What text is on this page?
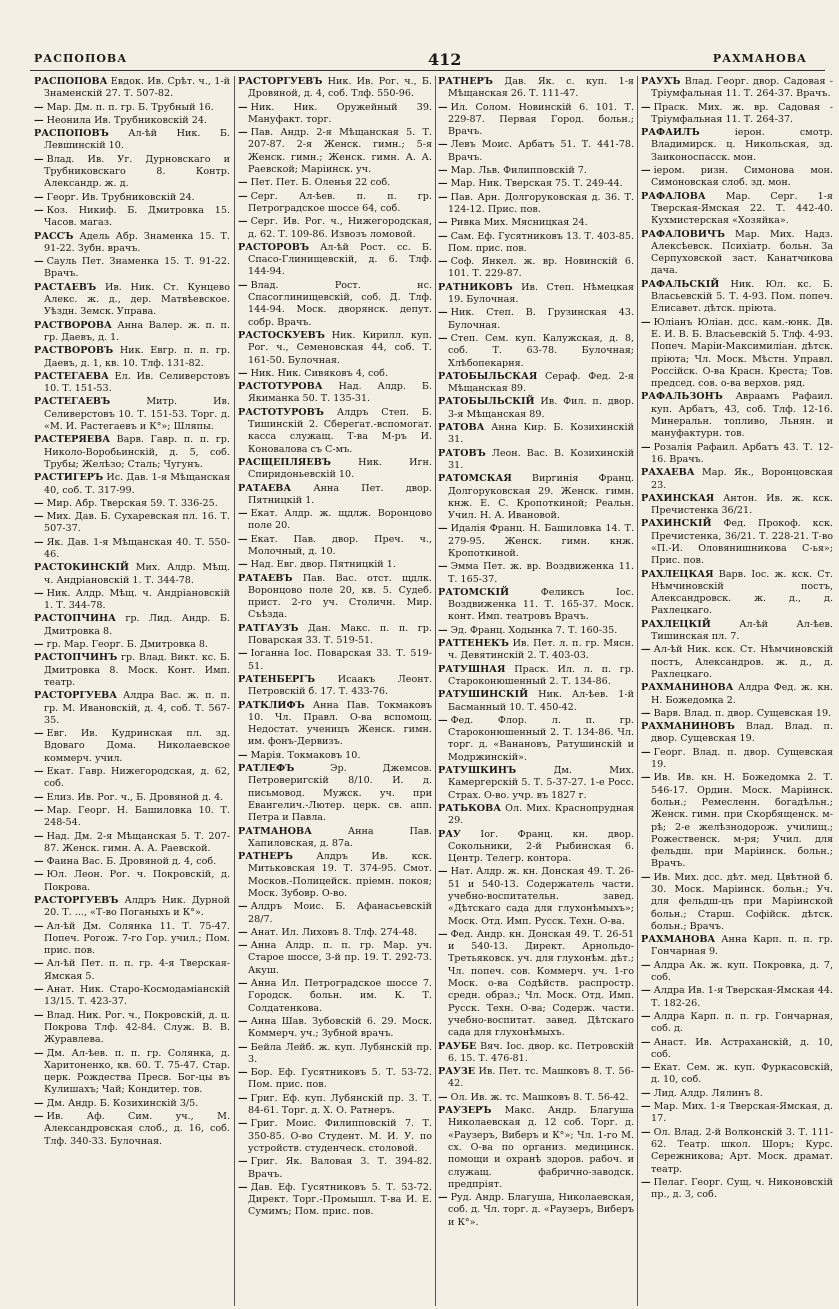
РАСПОПОВА	412	РАХМАНОВА
РАСПОПОВА Евдок. Ив. Срѣт. ч., 1-й Знаменскій 27. Т. 507-82.
— Мар. Дм. п. п. гр. Б. Трубный 16.
— Неонила Ив. Трубниковскій 24.
РАСПОПОВЪ Ал-ѣй Ник. Б. Левшинскій 10.
— Влад. Ив. Уг. Дурновскаго и Трубниковскаго 8. Контр. Александр. ж. д.
— Георг. Ив. Трубниковскій 24.
— Коз. Никиф. Б. Дмитровка 15. Часов. магаз.
РАССЪ Адель Абр. Знаменка 15. Т. 91-22. Зубн. врачъ.
— Сауль Пет. Знаменка 15. Т. 91-22. Врачъ.
РАСТАЕВЪ Ив. Ник. Ст. Кунцево Алекс. ж. д., дер. Матвѣевское. Уѣздн. Земск. Управа.
РАСТВОРОВА Анна Валер. ж. п. п. гр. Даевъ, д. 1.
РАСТВОРОВЪ Ник. Евгр. п. п. гр. Даевъ, д. 1, кв. 10. Тлф. 131-82.
РАСТЕГАЕВА Ел. Ив. Селиверстовъ 10. Т. 151-53.
РАСТЕГАЕВЪ	Митр. Ив. Селиверстовъ 10. Т. 151-53. Торг. д. «М. И. Растегаевъ и К°»; Шляпы.
РАСТЕРЯЕВА Варв. Гавр. п. п. гр. Николо-Воробьинскій, д. 5, соб. Трубы; Желѣзо; Сталь; Чугунъ.
РАСТИГЕРЪ Ис. Дав. 1-я Мѣщанская 40, соб. Т. 317-99.
— Мир. Абр. Тверская 59. Т. 336-25.
— Мих. Дав. Б. Сухаревская пл. 16. Т. 507-37.
— Як. Дав. 1-я Мѣщанская 40. Т. 550-46.
РАСТОКИНСКІЙ Мих. Алдр. Мѣщ. ч. Андрiановскій 1. Т. 344-78.
— Ник. Алдр. Мѣщ. ч. Андріановскій 1. Т. 344-78.
РАСТОПЧИНА гр. Лид. Андр. Б. Дмитровка 8.
— гр. Мар. Георг. Б. Дмитровка 8.
РАСТОПЧИНЪ гр. Влад. Викт. кс. Б. Дмитровка 8. Моск. Конт. Имп. театр.
РАСТОРГУЕВА Алдра Вас. ж. п. п. гр. М. Ивановскій, д. 4, соб. Т. 567-35.
— Евг. Ив. Кудринская пл. зд. Вдоваго Дома. Николаевское коммерч. учил.
— Екат. Гавр. Нижегородская, д. 62, соб.
— Елиз. Ив. Рог. ч., Б. Дровяной д. 4.
— Мар. Георг. Н. Башиловка 10. Т. 248-54.
— Над. Дм. 2-я Мѣщанская 5. Т. 207-87. Женск. гимн. А. А. Раевской.
— Фаина Вас. Б. Дровяной д. 4, соб.
— Юл. Леон. Рог. ч. Покровскій, д. Покрова.
РАСТОРГУЕВЪ Алдръ Ник. Дурной 20. Т. ..., «Т-во Поганыхъ и К°».
— Ал-ѣй Дм. Солянка 11. Т. 75-47. Попеч. Рогож. 7-го Гор. учил.; Пом. прис. пов.
— Ал-ѣй Пет. п. п. гр. 4-я Тверская-Ямская 5.
— Анат. Ник. Старо-Космодамiанскій 13/15. Т. 423-37.
— Влад. Ник. Рог. ч., Покровскій, д. ц. Покрова Тлф. 42-84. Служ. В. В. Журавлева.
— Дм. Ал-ѣев. п. п. гр. Солянка, д. Харитоненко, кв. 60. Т. 75-47. Стар. церк. Рождества Пресв. Бог-цы въ Кулишахъ; Чай; Кондитер. тов.
— Дм. Андр. Б. Козихинскій 3/5.
— Ив. Аф. Сим. уч., М. Александровская слоб., д. 16, соб. Тлф. 340-33. Булочная.
РАСТОРГУЕВЪ Ник. Ив. Рог. ч., Б. Дровяной, д. 4, соб. Тлф. 550-96.
— Ник. Ник. Оружейный 39. Мануфакт. торг.
— Пав. Андр. 2-я Мѣщанская 5. Т. 207-87. 2-я Женск. гимн.; 5-я Женск. гимн.; Женск. гимн. А. А. Раевской; Маріинск. уч.
— Пет. Пет. Б. Оленья 22 соб.
— Серг. Ал-ѣев. п. п. гр. Петроградское шоссе 64, соб.
— Серг. Ив. Рог. ч., Нижегородская, д. 62. Т. 109-86. Извозъ ломовой.
РАСТОРОВЪ Ал-ѣй Рост. сс. Б. Спасо-Глинищевскій, д. 6. Тлф. 144-94.
— Влад. Рост. нс. Спасоглинищевскій, соб. Д. Тлф. 144-94. Моск. дворянск. депут. собр. Врачъ.
РАСТОСКУЕВЪ Ник. Кирилл. куп. Рог. ч., Семеновская 44, соб. Т. 161-50. Булочная.
— Ник. Ник. Сивяковъ 4, соб.
РАСТОТУРОВА Над. Алдр. Б. Якиманка 50. Т. 135-31.
РАСТОТУРОВЪ Алдръ Степ. Б. Тишинскій 2. Сберегат.-вспомогат. касса служащ. Т-ва М-ръ И. Коновалова съ С-мъ.
РАСЩЕПЛЯЕВЪ	Ник. Игн. Спиридоньевскій 10.
РАТАЕВА Анна Пет. двор. Пятницкій 1.
— Екат. Алдр. ж. щдлж. Воронцово поле 20.
— Екат. Пав. двор. Преч. ч., Молочный, д. 10.
— Над. Евг. двор. Пятницкій 1.
РАТАЕВЪ Пав. Вас. отст. щдлк. Воронцово поле 20, кв. 5. Судеб. прист. 2-го уч. Столичн. Мир. Съѣзда.
РАТГАУЗЪ Дан. Макс. п. п. гр. Поварская 33. Т. 519-51.
— Іоганна Іос. Поварская 33. Т. 519-51.
РАТЕНБЕРГЪ Исаакъ Леонт. Петровскій б. 17. Т. 433-76.
РАТКЛИФЪ Анна Пав. Токмаковъ 10. Чл. Правл. О-ва вспомощ. Недостат. ученицъ Женск. гимн. им. фонъ-Дервизъ.
— Марія. Токмаковъ 10.
РАТЛЕФЪ	Эр. Джемсов. Петроверигскій 8/10. И. д. письмовод. Мужск. уч. при Евангелич.-Лютер. церк. св. апп. Петра и Павла.
РАТМАНОВА	Анна Пав. Хапиловская, д. 87а.
РАТНЕРЪ Алдръ Ив. кск. Митьковская 19. Т. 374-95. Смот. Москов.-Полицейск. пріемн. покоя; Моск. Зубовр. О-во.
— Алдръ Моис. Б. Афанасьевскій 28/7.
— Анат. Ил. Лиховъ 8. Тлф. 274-48.
— Анна Алдр. п. п. гр. Мар. уч. Старое шоссе, 3-й пр. 19. Т. 292-73. Акуш.
— Анна Ил. Петроградское шоссе 7. Городск. больн. им. К. Т. Солдатенкова.
— Анна Шав. Зубовскій 6. 29. Моск. Коммерч. уч.; Зубной врачъ.
— Бейла Лейб. ж. куп. Лубянскій пр. 3.
— Бор. Еф. Гусятниковъ 5. Т. 53-72. Пом. прис. пов.
— Григ. Еф. куп. Лубянскій пр. 3. Т. 84-61. Торг. д. Х. О. Ратнеръ.
— Григ. Моис. Филипповскій 7. Т. 350-85. О-во Студент. М. И. У. по устройств. студенческ. столовой.
— Григ. Як. Валовая 3. Т. 394-82. Врачъ.
— Дав. Еф. Гусятниковъ 5. Т. 53-72. Директ. Торг.-Промышл. Т-ва И. Е. Сумимъ; Пом. прис. пов.
РАТНЕРЪ Дав. Як. с. куп. 1-я Мѣщанская 26. Т. 111-47.
— Ил. Солом. Новинскій 6. 101. Т. 229-87. Первая Город. больн.; Врачъ.
— Левъ Моис. Арбатъ 51. Т. 441-78. Врачъ.
— Мар. Льв. Филипповскій 7.
— Мар. Ник. Тверская 75. Т. 249-44.
— Пав. Арн. Долгоруковская д. 36. Т. 124-12. Прис. пов.
— Ривка Мих. Мясницкая 24.
— Сам. Еф. Гусятниковъ 13. Т. 403-85. Пом. прис. пов.
— Соф. Янкел. ж. вр. Новинскій 6. 101. Т. 229-87.
РАТНИКОВЪ Ив. Степ. Нѣмецкая 19. Булочная.
— Ник. Степ. В. Грузинская 43. Булочная.
— Степ. Сем. куп. Калужская, д. 8, соб. Т. 63-78. Булочная; Хлѣбопекарня.
РАТОБЫЛЬСКАЯ Сераф. Фед. 2-я Мѣщанская 89.
РАТОБЫЛЬСКІЙ Ив. Фил. п. двор. 3-я Мѣщанская 89.
РАТОВА Анна Кир. Б. Козихинскій 31.
РАТОВЪ Леон. Вас. В. Козихинскій 31.
РАТОМСКАЯ Виргинія Франц. Долгоруковская 29. Женск. гимн. кнж. Е. С. Кропоткиной; Реальн. Учил. Н. А. Ивановой.
— Идалія Франц. Н. Башиловка 14. Т. 279-95. Женск. гимн. кнж. Кропоткиной.
— Эмма Пет. ж. вр. Воздвиженка 11. Т. 165-37.
РАТОМСКІЙ	Феликсъ Іос. Воздвиженка 11. Т. 165-37. Моск. конт. Имп. театровъ Врачъ.
— Эд. Франц. Ходынка 7. Т. 160-35.
РАТТЕНЕКЪ Ив. Пет. л. п. гр. Мясн. ч. Девятинскій 2. Т. 403-03.
РАТУШНАЯ Праск. Ил. л. п. гр. Староконюшенный 2. Т. 134-86.
РАТУШИНСКІЙ Ник. Ал-ѣев. 1-й Басманный 10. Т. 450-42.
— Фед. Флор. л. п. гр. Староконюшенный 2. Т. 134-86. Чл. торг. д. «Ванановъ, Ратушинскій и Модржинскій».
РАТУШКИНЪ	Дм. Мих. Камергерскій 5. Т. 5-37-27. 1-е Росс. Страх. О-во. учр. въ 1827 г.
РАТЬКОВА Ол. Мих. Краснопрудная 29.
РАУ Іог. Франц. кн. двор. Сокольники, 2-й Рыбинская 6. Центр. Телегр. контора.
— Нат. Алдр. ж. кн. Донская 49. Т. 26-51 и 540-13. Содержатель части. учебно-воспитательн. завед. «Дѣтскаго сада для глухонѣмыхъ»; Моск. Отд. Имп. Русск. Техн. О-ва.
— Фед. Андр. кн. Донская 49. Т. 26-51 и 540-13. Директ. Арнольдо-Третьяковск. уч. для глухонѣм. дѣт.; Чл. попеч. сов. Коммерч. уч. 1-го Моск. о-ва Содѣйств. распростр. средн. образ.; Чл. Моск. Отд. Имп. Русск. Техн. О-ва; Содерж. части. учебно-воспитат. завед. Дѣтскаго сада для глухонѣмыхъ.
РАУБЕ Вяч. Іос. двор. кс. Петровскій 6. 15. Т. 476-81.
РАУЗЕ Ив. Пет. тс. Машковъ 8. Т. 56-42.
— Ол. Ив. ж. тс. Машковъ 8. Т. 56-42.
РАУЗЕРЪ Макс. Андр. Благуша Николаевская д. 12 соб. Торг. д. «Раузеръ, Виберъ и К°»; Чл. 1-го М. сх. О-ва по организ. медицинск. помощи и охранѣ здоров. рабоч. и служащ. фабрично-заводск. предпріят.
— Руд. Андр. Благуша, Николаевская, соб. д. Чл. торг. д. «Раузеръ, Виберъ и К°».
РАУХЪ Влад. Георг. двор. Садовая - Тріумфальная 11. Т. 264-37. Врачъ.
— Праск. Мих. ж. вр. Садовая - Тріумфальная 11. Т. 264-37.
РАФАИЛЪ	іерон. смотр. Владимирск. ц. Никольская, зд. Заиконоспасск. мон.
— іером. ризн. Симонова мон. Симоновская слоб. зд. мон.
РАФАЛОВА Мар. Серг. 1-я Тверская-Ямская 22. Т. 442-40. Кухмистерская «Хозяйка».
РАФАЛОВИЧЪ Мар. Мих. Надз. Алексѣевск. Психіатр. больн. За Серпуховской заст. Канатчикова дача.
РАФАЛЬСКІЙ Ник. Юл. кс. Б. Власьевскій 5. Т. 4-93. Пом. попеч. Елисавет. дѣтск. пріюта.
— Юліанъ Юліан. дсс. кам.-юнк. Дв. Е. И. В. Б. Власьевскій 5. Тлф. 4-93. Попеч. Марiи-Максимиліан. дѣтск. пріюта; Чл. Моск. Мѣстн. Управл. Россійск. О-ва Красн. Креста; Тов. председ. сов. о-ва верхов. ряд.
РАФАЛЬЗОНЪ Авраамъ Рафаил. куп. Арбатъ, 43, соб. Тлф. 12-16. Минеральн. топливо, Льнян. и мануфактурн. тов.
— Розалія Рафаил. Арбатъ 43. Т. 12-16. Врачъ.
РАХАЕВА Мар. Як., Воронцовская 23.
РАХИНСКАЯ Антон. Ив. ж. кск. Пречистенка 36/21.
РАХИНСКІЙ Фед. Прокоф. кск. Пречистенка, 36/21. Т. 228-21. Т-во «П.-И. Оловянишникова С-ья»; Прис. пов.
РАХЛЕЦКАЯ Варв. Іос. ж. кск. Ст. Нѣмчиновскій постъ, Александровск. ж. д., д. Рахлецкаго.
РАХЛЕЦКІЙ	Ал-ѣй Ал-ѣев. Тишинская пл. 7.
— Ал-ѣй Ник. кск. Ст. Нѣмчиновскій постъ, Александров. ж. д., д. Рахлецкаго.
РАХМАНИНОВА Алдра Фед. ж. кн. Н. Божедомка 2.
— Варв. Влад. п. двор. Сущевская 19.
РАХМАНИНОВЪ Влад. Влад. п. двор. Сущевская 19.
— Георг. Влад. п. двор. Сущевская 19.
— Ив. Ив. кн. Н. Божедомка 2. Т. 546-17. Ордин. Моск. Маріинск. больн.; Ремесленн. богадѣльн.; Женск. гимн. при Скорбященск. м-рѣ; 2-е желѣзнодорож. училищ.; Рожественск. м-ря; Учил. для фельдш. при Маріинск. больн.; Врачъ.
— Ив. Мих. дсс. дѣт. мед. Цвѣтной б. 30. Моск. Маріинск. больн.; Уч. для фельдш-цъ при Маріинской больн.; Старш. Софійск. дѣтск. больн.; Врачъ.
РАХМАНОВА Анна Карп. п. п. гр. Гончарная 9.
— Алдра Ак. ж. куп. Покровка, д. 7, соб.
— Алдра Ив. 1-я Тверская-Ямская 44. Т. 182-26.
— Алдра Карп. п. п. гр. Гончарная, соб. д.
— Анаст. Ив. Астраханскій, д. 10, соб.
— Екат. Сем. ж. куп. Фуркасовскій, д. 10, соб.
— Лид. Алдр. Лялинъ 8.
— Мар. Мих. 1-я Тверская-Ямская, д. 17.
— Ол. Влад. 2-й Волконскій 3. Т. 111-62. Театр. школ. Шоръ; Курс. Сережникова; Арт. Моск. драмат. театр.
— Пелаг. Георг. Сущ. ч. Никоновскій пр., д. 3, соб.
